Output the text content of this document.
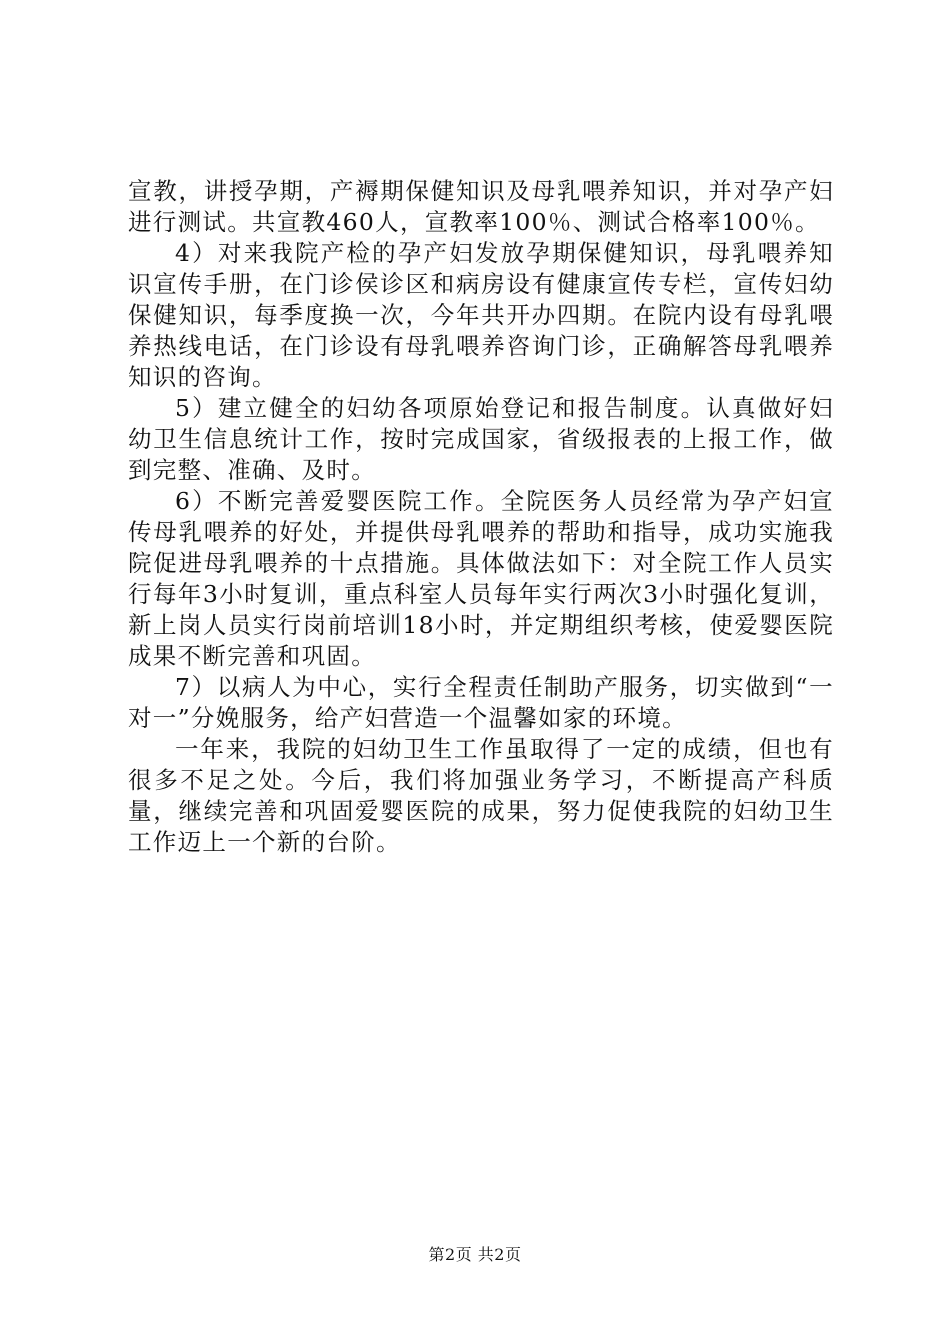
宣教，讲授孕期，产褥期保健知识及母乳喂养知识，并对孕产妇进行测试。共宣教460人，宣教率100％、测试合格率100％。

4）对来我院产检的孕产妇发放孕期保健知识，母乳喂养知识宣传手册，在门诊侯诊区和病房设有健康宣传专栏，宣传妇幼保健知识，每季度换一次，今年共开办四期。在院内设有母乳喂养热线电话，在门诊设有母乳喂养咨询门诊，正确解答母乳喂养知识的咨询。

5）建立健全的妇幼各项原始登记和报告制度。认真做好妇幼卫生信息统计工作，按时完成国家，省级报表的上报工作，做到完整、准确、及时。

6）不断完善爱婴医院工作。全院医务人员经常为孕产妇宣传母乳喂养的好处，并提供母乳喂养的帮助和指导，成功实施我院促进母乳喂养的十点措施。具体做法如下：对全院工作人员实行每年3小时复训，重点科室人员每年实行两次3小时强化复训，新上岗人员实行岗前培训18小时，并定期组织考核，使爱婴医院成果不断完善和巩固。

7）以病人为中心，实行全程责任制助产服务，切实做到“一对一”分娩服务，给产妇营造一个温馨如家的环境。

一年来，我院的妇幼卫生工作虽取得了一定的成绩，但也有很多不足之处。今后，我们将加强业务学习，不断提高产科质量，继续完善和巩固爱婴医院的成果，努力促使我院的妇幼卫生工作迈上一个新的台阶。

第2页 共2页
